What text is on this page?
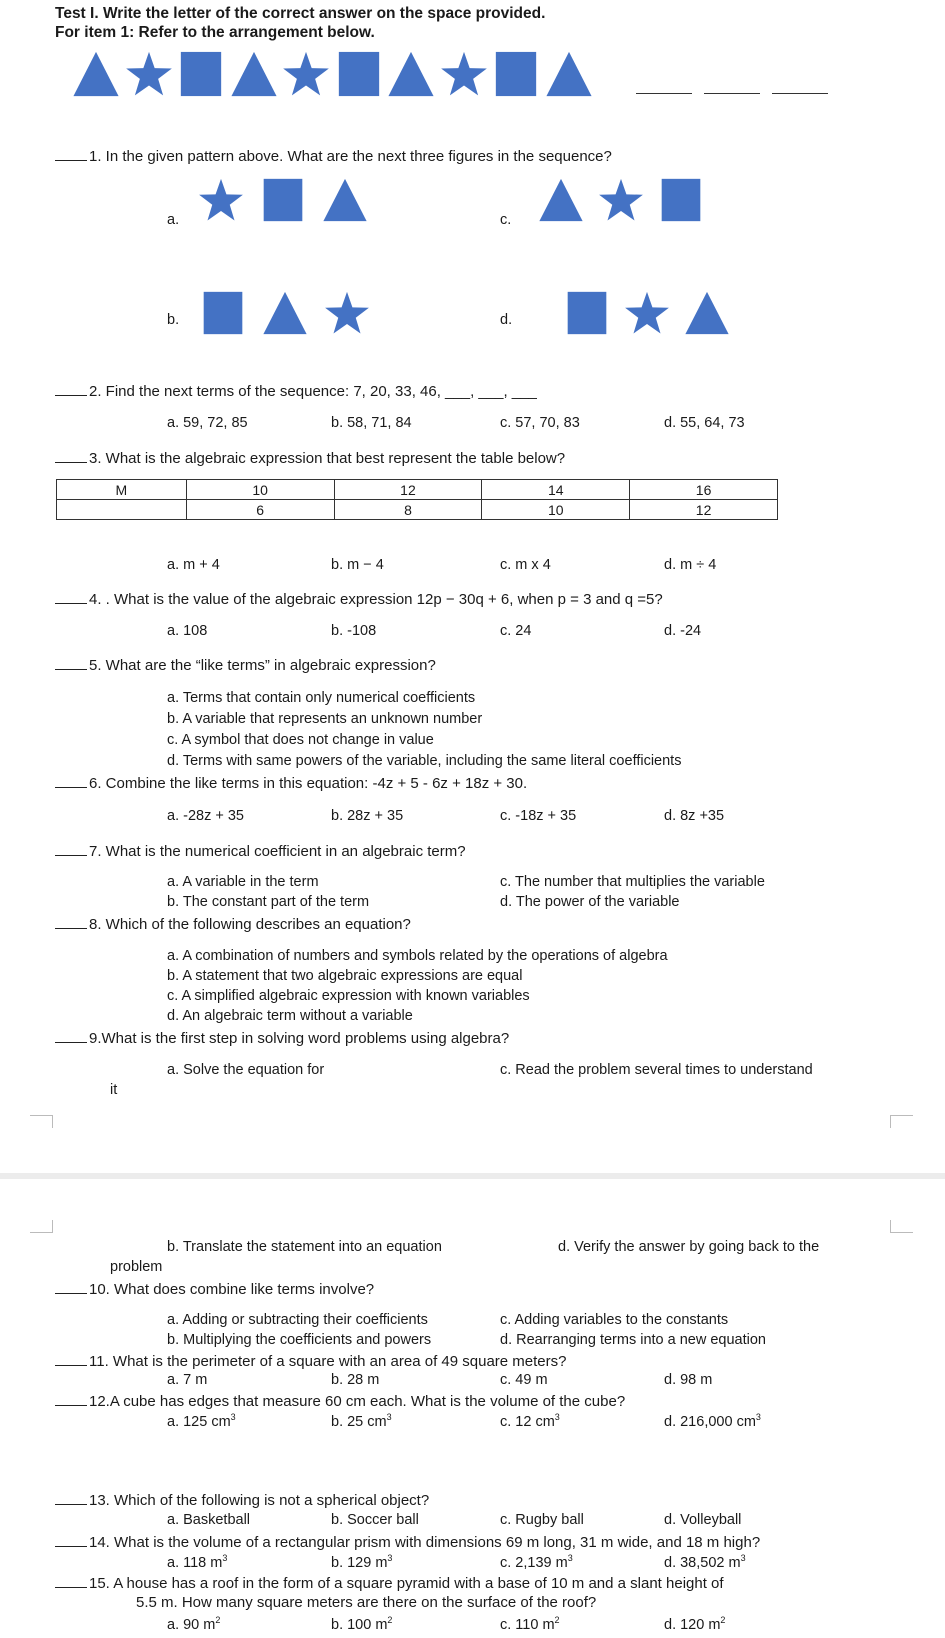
Test I. Write the letter of the correct answer on the space provided.
For item 1: Refer to the arrangement below.
1. In the given pattern above. What are the next three figures in the sequence?
a.	c.
b.	d.
2. Find the next terms of the sequence: 7, 20, 33, 46, ___, ___, ___
a. 59, 72, 85	b. 58, 71, 84	c. 57, 70, 83	d. 55, 64, 73
3. What is the algebraic expression that best represent the table below?
M	10	12	14	16
	6	8	10	12
a. m + 4	b. m − 4	c. m x 4	d. m ÷ 4
4. . What is the value of the algebraic expression 12p − 30q + 6, when p = 3 and q =5?
a. 108	b. -108	c. 24	d. -24
5. What are the “like terms” in algebraic expression?
a. Terms that contain only numerical coefficients
b. A variable that represents an unknown number
c. A symbol that does not change in value
d. Terms with same powers of the variable, including the same literal coefficients
6. Combine the like terms in this equation: -4z + 5 - 6z + 18z + 30.
a. -28z + 35	b. 28z + 35	c. -18z + 35	d. 8z +35
7. What is the numerical coefficient in an algebraic term?
a. A variable in the term	c. The number that multiplies the variable
b. The constant part of the term	d. The power of the variable
8. Which of the following describes an equation?
a. A combination of numbers and symbols related by the operations of algebra
b. A statement that two algebraic expressions are equal
c. A simplified algebraic expression with known variables
d. An algebraic term without a variable
9.What is the first step in solving word problems using algebra?
a. Solve the equation for	c. Read the problem several times to understand
it
b. Translate the statement into an equation	d. Verify the answer by going back to the
problem
10. What does combine like terms involve?
a. Adding or subtracting their coefficients	c. Adding variables to the constants
b. Multiplying the coefficients and powers	d. Rearranging terms into a new equation
11. What is the perimeter of a square with an area of 49 square meters?
a. 7 m	b. 28 m	c. 49 m	d. 98 m
12.A cube has edges that measure 60 cm each. What is the volume of the cube?
a. 125 $cm^3$	b. 25 $cm^3$	c. 12 $cm^3$	d. 216,000 $cm^3$
13. Which of the following is not a spherical object?
a. Basketball	b. Soccer ball	c. Rugby ball	d. Volleyball
14. What is the volume of a rectangular prism with dimensions 69 m long, 31 m wide, and 18 m high?
a. 118 $m^3$	b. 129 $m^3$	c. 2,139 $m^3$	d. 38,502 $m^3$
15. A house has a roof in the form of a square pyramid with a base of 10 m and a slant height of
5.5 m. How many square meters are there on the surface of the roof?
a. 90 $m^2$	b. 100 $m^2$	c. 110 $m^2$	d. 120 $m^2$
